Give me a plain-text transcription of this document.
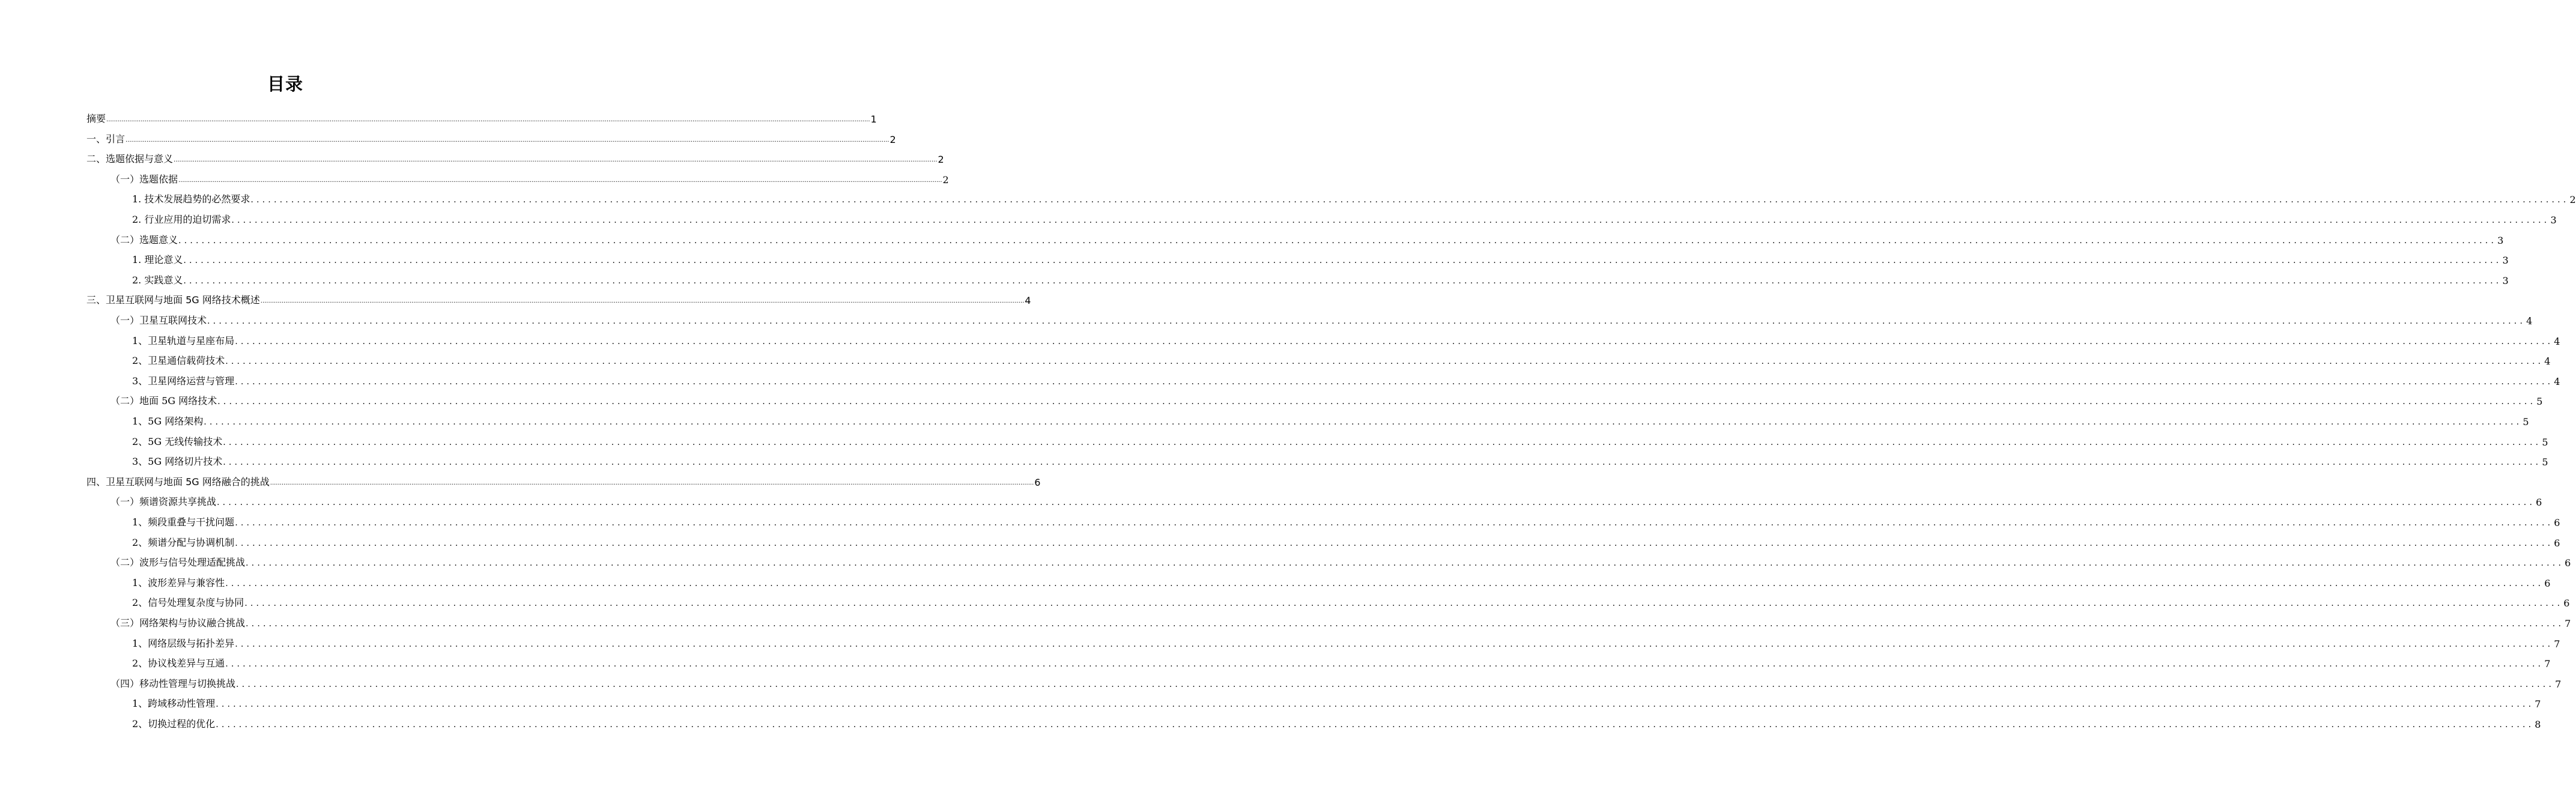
目录
摘要 ................................................................................................................................................................................................................................................................................................................................................................................................................ 1
一、引言 ................................................................................................................................................................................................................................................................................................................................................................................................................ 2
二、选题依据与意义 ................................................................................................................................................................................................................................................................................................................................................................................................................ 2
（一）选题依据 ................................................................................................................................................................................................................................................................................................................................................................................................................ 2
1. 技术发展趋势的必然要求 ................................................................................................................................................................................................................................................................................................................................................................................................................ 2
2. 行业应用的迫切需求 ................................................................................................................................................................................................................................................................................................................................................................................................................ 3
（二）选题意义 ................................................................................................................................................................................................................................................................................................................................................................................................................ 3
1. 理论意义 ................................................................................................................................................................................................................................................................................................................................................................................................................ 3
2. 实践意义 ................................................................................................................................................................................................................................................................................................................................................................................................................ 3
三、卫星互联网与地面 5G 网络技术概述 ................................................................................................................................................................................................................................................................................................................................................................................................................ 4
（一）卫星互联网技术 ................................................................................................................................................................................................................................................................................................................................................................................................................ 4
1、卫星轨道与星座布局 ................................................................................................................................................................................................................................................................................................................................................................................................................ 4
2、卫星通信载荷技术 ................................................................................................................................................................................................................................................................................................................................................................................................................ 4
3、卫星网络运营与管理 ................................................................................................................................................................................................................................................................................................................................................................................................................ 4
（二）地面 5G 网络技术 ................................................................................................................................................................................................................................................................................................................................................................................................................ 5
1、5G 网络架构 ................................................................................................................................................................................................................................................................................................................................................................................................................ 5
2、5G 无线传输技术 ................................................................................................................................................................................................................................................................................................................................................................................................................ 5
3、5G 网络切片技术 ................................................................................................................................................................................................................................................................................................................................................................................................................ 5
四、卫星互联网与地面 5G 网络融合的挑战 ................................................................................................................................................................................................................................................................................................................................................................................................................ 6
（一）频谱资源共享挑战 ................................................................................................................................................................................................................................................................................................................................................................................................................ 6
1、频段重叠与干扰问题 ................................................................................................................................................................................................................................................................................................................................................................................................................ 6
2、频谱分配与协调机制 ................................................................................................................................................................................................................................................................................................................................................................................................................ 6
（二）波形与信号处理适配挑战 ................................................................................................................................................................................................................................................................................................................................................................................................................ 6
1、波形差异与兼容性 ................................................................................................................................................................................................................................................................................................................................................................................................................ 6
2、信号处理复杂度与协同 ................................................................................................................................................................................................................................................................................................................................................................................................................ 6
（三）网络架构与协议融合挑战 ................................................................................................................................................................................................................................................................................................................................................................................................................ 7
1、网络层级与拓扑差异 ................................................................................................................................................................................................................................................................................................................................................................................................................ 7
2、协议栈差异与互通 ................................................................................................................................................................................................................................................................................................................................................................................................................ 7
（四）移动性管理与切换挑战 ................................................................................................................................................................................................................................................................................................................................................................................................................ 7
1、跨域移动性管理 ................................................................................................................................................................................................................................................................................................................................................................................................................ 7
2、切换过程的优化 ................................................................................................................................................................................................................................................................................................................................................................................................................ 8
